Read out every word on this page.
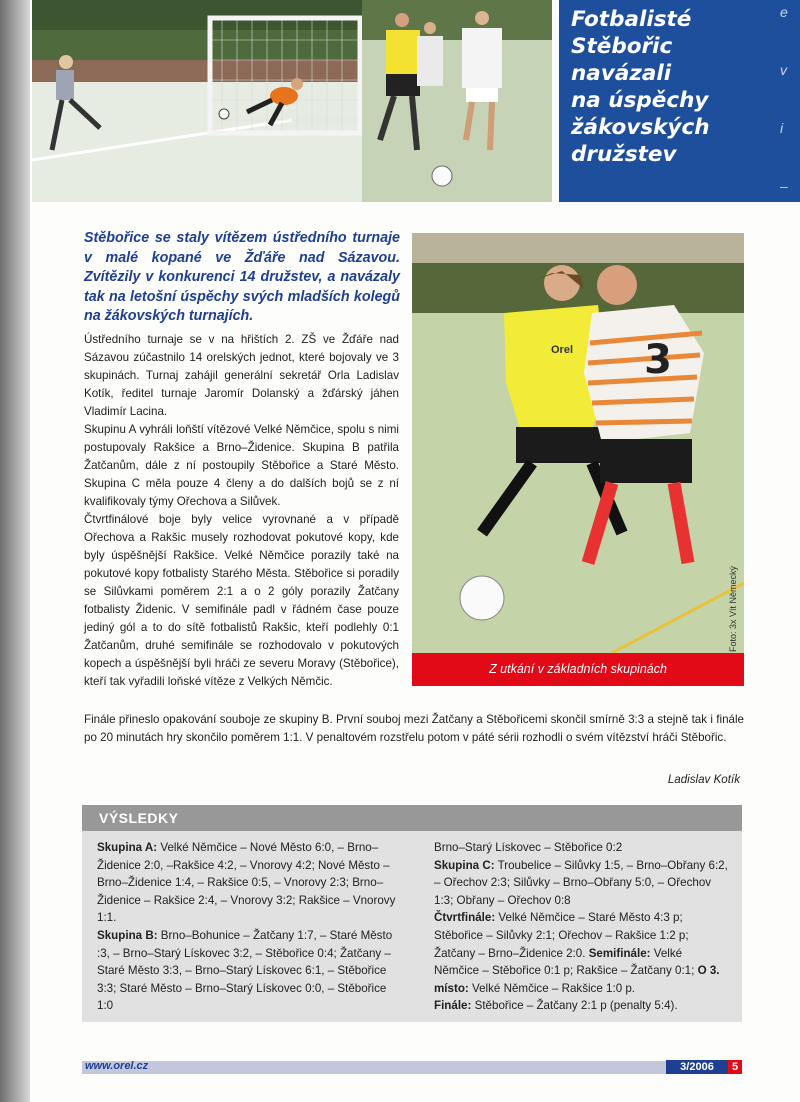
Fotbalisté
Stěbořic
navázali
na úspěchy
žákovských
družstev
e
v
i
–
Stěbořice se staly vítězem ústředního turnaje v malé kopané ve Žďáře nad Sázavou. Zvítězily v konkurenci 14 družstev, a navázaly tak na letošní úspěchy svých mladších kolegů na žákovských turnajích.

Ústředního turnaje se v na hřištích 2. ZŠ ve Žďáře nad Sázavou zúčastnilo 14 orelských jednot, které bojovaly ve 3 skupinách. Turnaj zahájil generální sekretář Orla Ladislav Kotík, ředitel turnaje Jaromír Dolanský a žďárský jáhen Vladimír Lacina.

Skupinu A vyhráli loňští vítězové Velké Němčice, spolu s nimi postupovaly Rakšice a Brno–Židenice. Skupina B patřila Žatčanům, dále z ní postoupily Stěbořice a Staré Město. Skupina C měla pouze 4 členy a do dalších bojů se z ní kvalifikovaly týmy Ořechova a Silůvek.

Čtvrtfinálové boje byly velice vyrovnané a v případě Ořechova a Rakšic musely rozhodovat pokutové kopy, kde byly úspěšnější Rakšice. Velké Němčice porazily také na pokutové kopy fotbalisty Starého Města. Stěbořice si poradily se Silůvkami poměrem 2:1 a o 2 góly porazily Žatčany fotbalisty Židenic. V semifinále padl v řádném čase pouze jediný gól a to do sítě fotbalistů Rakšic, kteří podlehly 0:1 Žatčanům, druhé semifinále se rozhodovalo v pokutových kopech a úspěšnější byli hráči ze severu Moravy (Stěbořice), kteří tak vyřadili loňské vítěze z Velkých Němčic.

Orel 3
Foto: 3x Vít Německý
Z utkání v základních skupinách

Finále přineslo opakování souboje ze skupiny B. První souboj mezi Žatčany a Stěbořicemi skončil smírně 3:3 a stejně tak i finále po 20 minutách hry skončilo poměrem 1:1. V penaltovém rozstřelu potom v páté sérii rozhodli o svém vítězství hráči Stěbořic.

Ladislav Kotík
VÝSLEDKY

Skupina A: Velké Němčice – Nové Město 6:0, – Brno–Židenice 2:0, –Rakšice 4:2, – Vnorovy 4:2; Nové Město – Brno–Židenice 1:4, – Rakšice 0:5, – Vnorovy 2:3; Brno–Židenice – Rakšice 2:4, – Vnorovy 3:2; Rakšice – Vnorovy 1:1.

Skupina B: Brno–Bohunice – Žatčany 1:7, – Staré Město :3, – Brno–Starý Lískovec 3:2, – Stěbořice 0:4; Žatčany – Staré Město 3:3, – Brno–Starý Lískovec 6:1, – Stěbořice 3:3; Staré Město – Brno–Starý Lískovec 0:0, – Stěbořice 1:0

Brno–Starý Lískovec – Stěbořice 0:2

Skupina C: Troubelice – Silůvky 1:5, – Brno–Obřany 6:2, – Ořechov 2:3; Silůvky – Brno–Obřany 5:0, – Ořechov 1:3; Obřany – Ořechov 0:8

Čtvrtfinále: Velké Němčice – Staré Město 4:3 p; Stěbořice – Silůvky 2:1; Ořechov – Rakšice 1:2 p; Žatčany – Brno–Židenice 2:0. Semifinále: Velké Němčice – Stěbořice 0:1 p; Rakšice – Žatčany 0:1; O 3. místo: Velké Němčice – Rakšice 1:0 p.

Finále: Stěbořice – Žatčany 2:1 p (penalty 5:4).

www.orel.cz	3/2006	5
